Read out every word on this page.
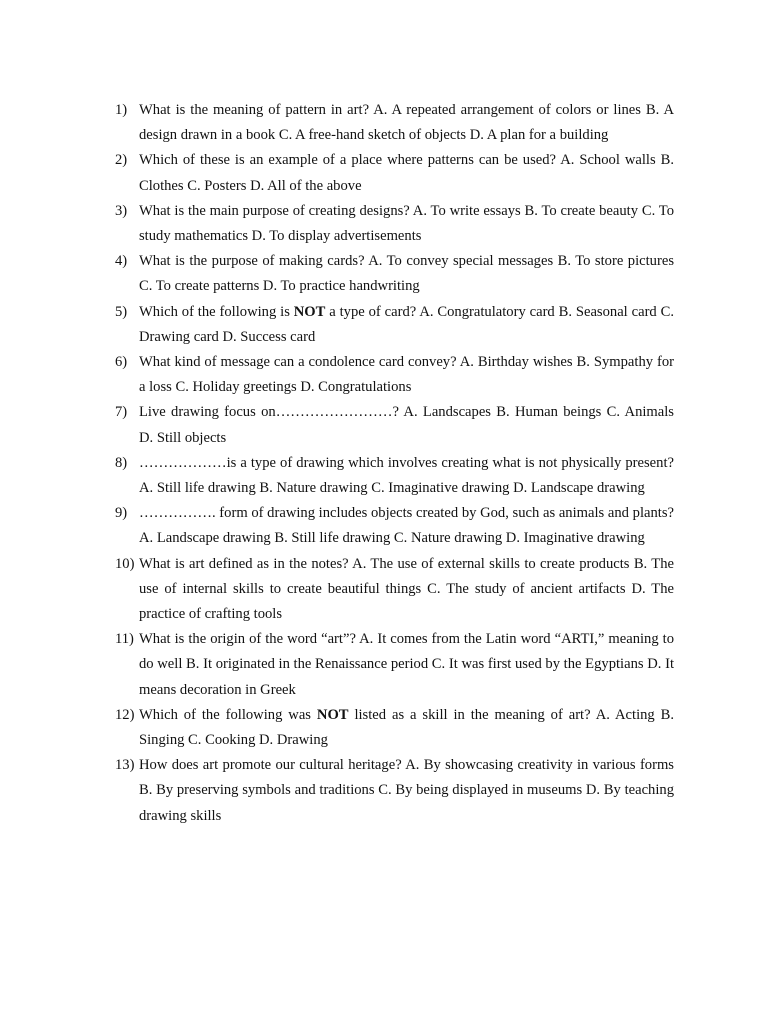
1) What is the meaning of pattern in art? A. A repeated arrangement of colors or lines B. A design drawn in a book C. A free-hand sketch of objects D. A plan for a building
2) Which of these is an example of a place where patterns can be used? A. School walls B. Clothes C. Posters D. All of the above
3) What is the main purpose of creating designs? A. To write essays B. To create beauty C. To study mathematics D. To display advertisements
4) What is the purpose of making cards? A. To convey special messages B. To store pictures C. To create patterns D. To practice handwriting
5) Which of the following is NOT a type of card? A. Congratulatory card B. Seasonal card C. Drawing card D. Success card
6) What kind of message can a condolence card convey? A. Birthday wishes B. Sympathy for a loss C. Holiday greetings D. Congratulations
7) Live drawing focus on……………………? A. Landscapes B. Human beings C. Animals D. Still objects
8) ………………is a type of drawing which involves creating what is not physically present? A. Still life drawing B. Nature drawing C. Imaginative drawing D. Landscape drawing
9) ……………. form of drawing includes objects created by God, such as animals and plants? A. Landscape drawing B. Still life drawing C. Nature drawing D. Imaginative drawing
10) What is art defined as in the notes? A. The use of external skills to create products B. The use of internal skills to create beautiful things C. The study of ancient artifacts D. The practice of crafting tools
11) What is the origin of the word “art”? A. It comes from the Latin word “ARTI,” meaning to do well B. It originated in the Renaissance period C. It was first used by the Egyptians D. It means decoration in Greek
12) Which of the following was NOT listed as a skill in the meaning of art? A. Acting B. Singing C. Cooking D. Drawing
13) How does art promote our cultural heritage? A. By showcasing creativity in various forms B. By preserving symbols and traditions C. By being displayed in museums D. By teaching drawing skills
